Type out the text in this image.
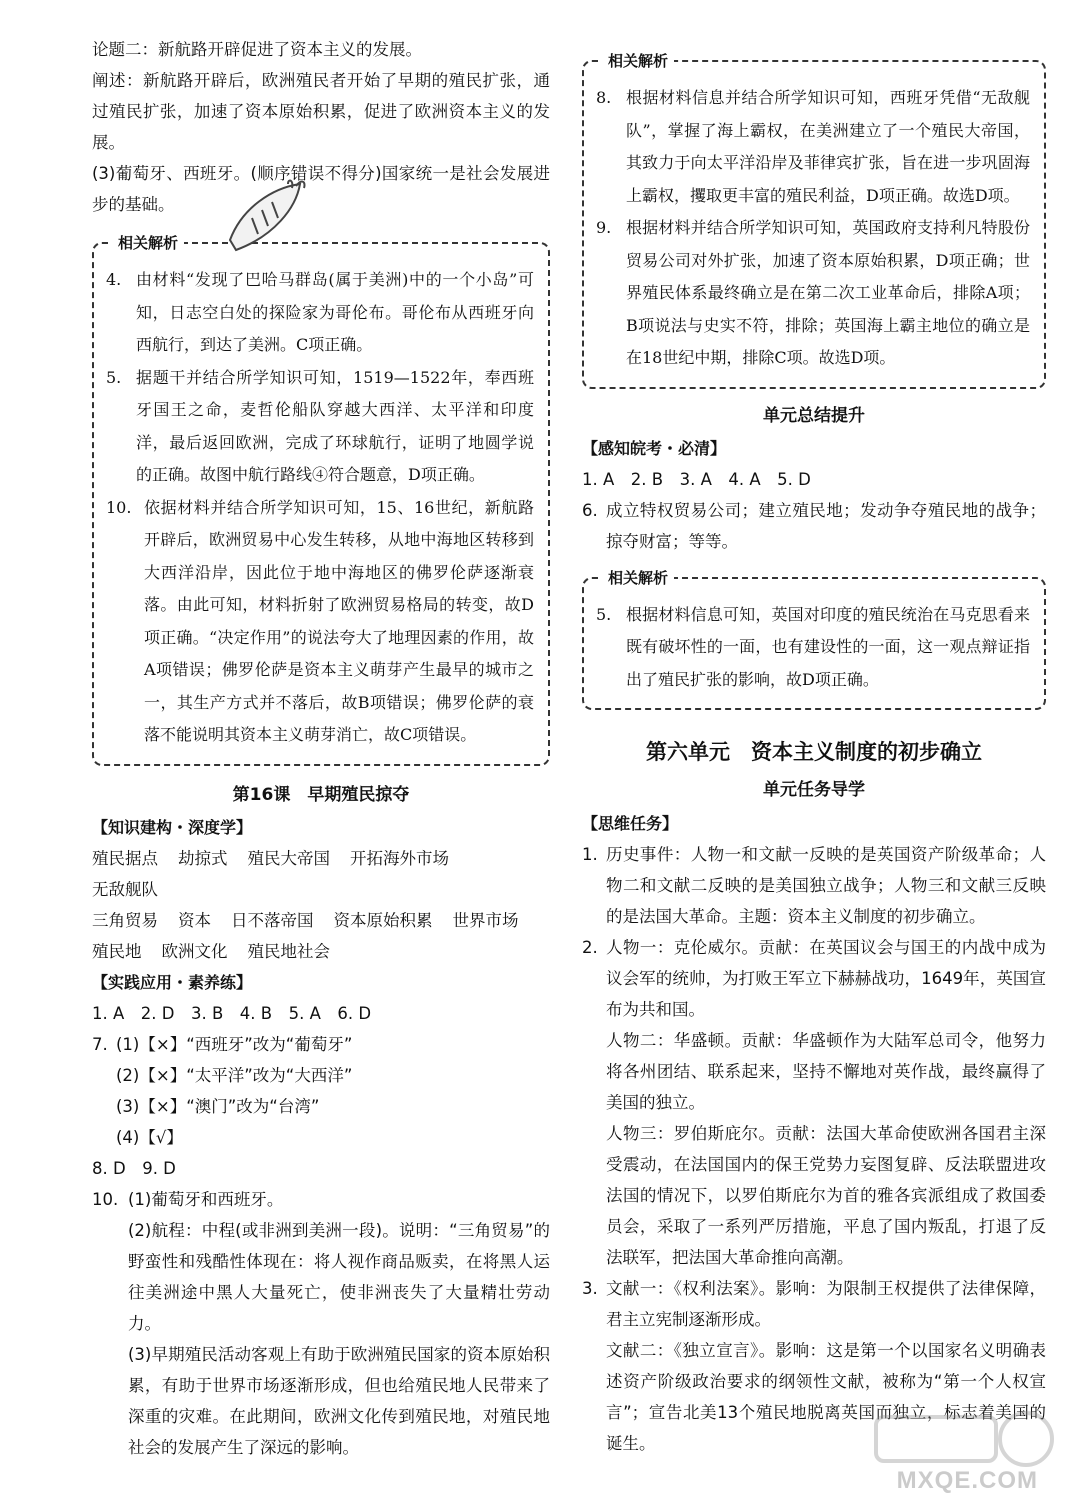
论题二：新航路开辟促进了资本主义的发展。
阐述：新航路开辟后，欧洲殖民者开始了早期的殖民扩张，通过殖民扩张，加速了资本原始积累，促进了欧洲资本主义的发展。
(3)葡萄牙、西班牙。(顺序错误不得分)国家统一是社会发展进步的基础。
相关解析
4. 由材料“发现了巴哈马群岛(属于美洲)中的一个小岛”可知，日志空白处的探险家为哥伦布。哥伦布从西班牙向西航行，到达了美洲。C项正确。
5. 据题干并结合所学知识可知，1519—1522年，奉西班牙国王之命，麦哲伦船队穿越大西洋、太平洋和印度洋，最后返回欧洲，完成了环球航行，证明了地圆学说的正确。故图中航行路线④符合题意，D项正确。
10. 依据材料并结合所学知识可知，15、16世纪，新航路开辟后，欧洲贸易中心发生转移，从地中海地区转移到大西洋沿岸，因此位于地中海地区的佛罗伦萨逐渐衰落。由此可知，材料折射了欧洲贸易格局的转变，故D项正确。“决定作用”的说法夸大了地理因素的作用，故A项错误；佛罗伦萨是资本主义萌芽产生最早的城市之一，其生产方式并不落后，故B项错误；佛罗伦萨的衰落不能说明其资本主义萌芽消亡，故C项错误。
第16课　早期殖民掠夺
【知识建构・深度学】
殖民据点 劫掠式 殖民大帝国 开拓海外市场
无敌舰队
三角贸易 资本 日不落帝国 资本原始积累 世界市场
殖民地 欧洲文化 殖民地社会
【实践应用・素养练】
1. A　2. D　3. B　4. B　5. A　6. D
7. (1)【×】“西班牙”改为“葡萄牙”
(2)【×】“太平洋”改为“大西洋”
(3)【×】“澳门”改为“台湾”
(4)【√】
8. D　9. D
10. (1)葡萄牙和西班牙。
(2)航程：中程(或非洲到美洲一段)。说明：“三角贸易”的野蛮性和残酷性体现在：将人视作商品贩卖，在将黑人运往美洲途中黑人大量死亡，使非洲丧失了大量精壮劳动力。
(3)早期殖民活动客观上有助于欧洲殖民国家的资本原始积累，有助于世界市场逐渐形成，但也给殖民地人民带来了深重的灾难。在此期间，欧洲文化传到殖民地，对殖民地社会的发展产生了深远的影响。
相关解析
8. 根据材料信息并结合所学知识可知，西班牙凭借“无敌舰队”，掌握了海上霸权，在美洲建立了一个殖民大帝国，其致力于向太平洋沿岸及菲律宾扩张，旨在进一步巩固海上霸权，攫取更丰富的殖民利益，D项正确。故选D项。
9. 根据材料并结合所学知识可知，英国政府支持利凡特股份贸易公司对外扩张，加速了资本原始积累，D项正确；世界殖民体系最终确立是在第二次工业革命后，排除A项；B项说法与史实不符，排除；英国海上霸主地位的确立是在18世纪中期，排除C项。故选D项。
单元总结提升
【感知皖考・必清】
1. A　2. B　3. A　4. A　5. D
6. 成立特权贸易公司；建立殖民地；发动争夺殖民地的战争；掠夺财富；等等。
相关解析
5. 根据材料信息可知，英国对印度的殖民统治在马克思看来既有破坏性的一面，也有建设性的一面，这一观点辩证指出了殖民扩张的影响，故D项正确。
第六单元　资本主义制度的初步确立
单元任务导学
【思维任务】
1. 历史事件：人物一和文献一反映的是英国资产阶级革命；人物二和文献二反映的是美国独立战争；人物三和文献三反映的是法国大革命。主题：资本主义制度的初步确立。
2. 人物一：克伦威尔。贡献：在英国议会与国王的内战中成为议会军的统帅，为打败王军立下赫赫战功，1649年，英国宣布为共和国。
人物二：华盛顿。贡献：华盛顿作为大陆军总司令，他努力将各州团结、联系起来，坚持不懈地对英作战，最终赢得了美国的独立。
人物三：罗伯斯庇尔。贡献：法国大革命使欧洲各国君主深受震动，在法国国内的保王党势力妄图复辟、反法联盟进攻法国的情况下，以罗伯斯庇尔为首的雅各宾派组成了救国委员会，采取了一系列严厉措施，平息了国内叛乱，打退了反法联军，把法国大革命推向高潮。
3. 文献一：《权利法案》。影响：为限制王权提供了法律保障，君主立宪制逐渐形成。
文献二：《独立宣言》。影响：这是第一个以国家名义明确表述资产阶级政治要求的纲领性文献，被称为“第一个人权宣言”；宣告北美13个殖民地脱离英国而独立，标志着美国的诞生。
MXQE.COM
